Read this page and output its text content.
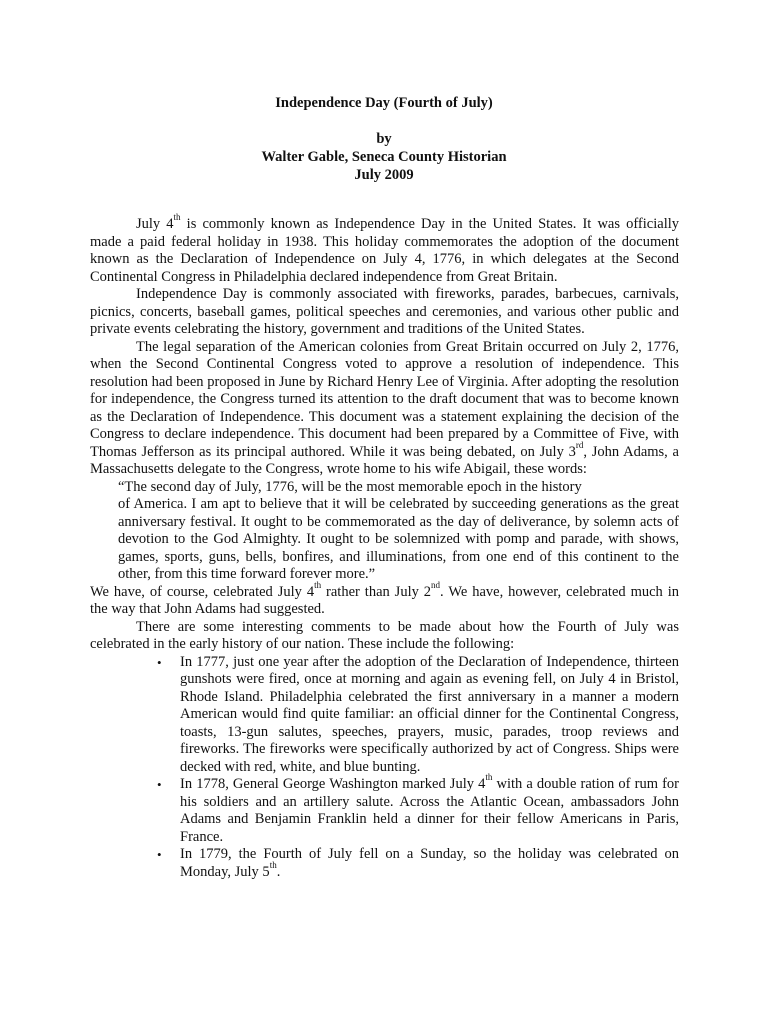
Independence Day (Fourth of July)

by

Walter Gable, Seneca County Historian

July 2009

July 4th is commonly known as Independence Day in the United States. It was officially made a paid federal holiday in 1938. This holiday commemorates the adoption of the document known as the Declaration of Independence on July 4, 1776, in which delegates at the Second Continental Congress in Philadelphia declared independence from Great Britain.

Independence Day is commonly associated with fireworks, parades, barbecues, carnivals, picnics, concerts, baseball games, political speeches and ceremonies, and various other public and private events celebrating the history, government and traditions of the United States.

The legal separation of the American colonies from Great Britain occurred on July 2, 1776, when the Second Continental Congress voted to approve a resolution of independence. This resolution had been proposed in June by Richard Henry Lee of Virginia. After adopting the resolution for independence, the Congress turned its attention to the draft document that was to become known as the Declaration of Independence. This document was a statement explaining the decision of the Congress to declare independence. This document had been prepared by a Committee of Five, with Thomas Jefferson as its principal authored. While it was being debated, on July 3rd, John Adams, a Massachusetts delegate to the Congress, wrote home to his wife Abigail, these words:

“The second day of July, 1776, will be the most memorable epoch in the history

of America. I am apt to believe that it will be celebrated by succeeding generations as the great anniversary festival. It ought to be commemorated as the day of deliverance, by solemn acts of devotion to the God Almighty. It ought to be solemnized with pomp and parade, with shows, games, sports, guns, bells, bonfires, and illuminations, from one end of this continent to the other, from this time forward forever more.”

We have, of course, celebrated July 4th rather than July 2nd. We have, however, celebrated much in the way that John Adams had suggested.

There are some interesting comments to be made about how the Fourth of July was celebrated in the early history of our nation. These include the following:

• In 1777, just one year after the adoption of the Declaration of Independence, thirteen gunshots were fired, once at morning and again as evening fell, on July 4 in Bristol, Rhode Island. Philadelphia celebrated the first anniversary in a manner a modern American would find quite familiar: an official dinner for the Continental Congress, toasts, 13-gun salutes, speeches, prayers, music, parades, troop reviews and fireworks. The fireworks were specifically authorized by act of Congress. Ships were decked with red, white, and blue bunting.
• In 1778, General George Washington marked July 4th with a double ration of rum for his soldiers and an artillery salute. Across the Atlantic Ocean, ambassadors John Adams and Benjamin Franklin held a dinner for their fellow Americans in Paris, France.
• In 1779, the Fourth of July fell on a Sunday, so the holiday was celebrated on Monday, July 5th.
